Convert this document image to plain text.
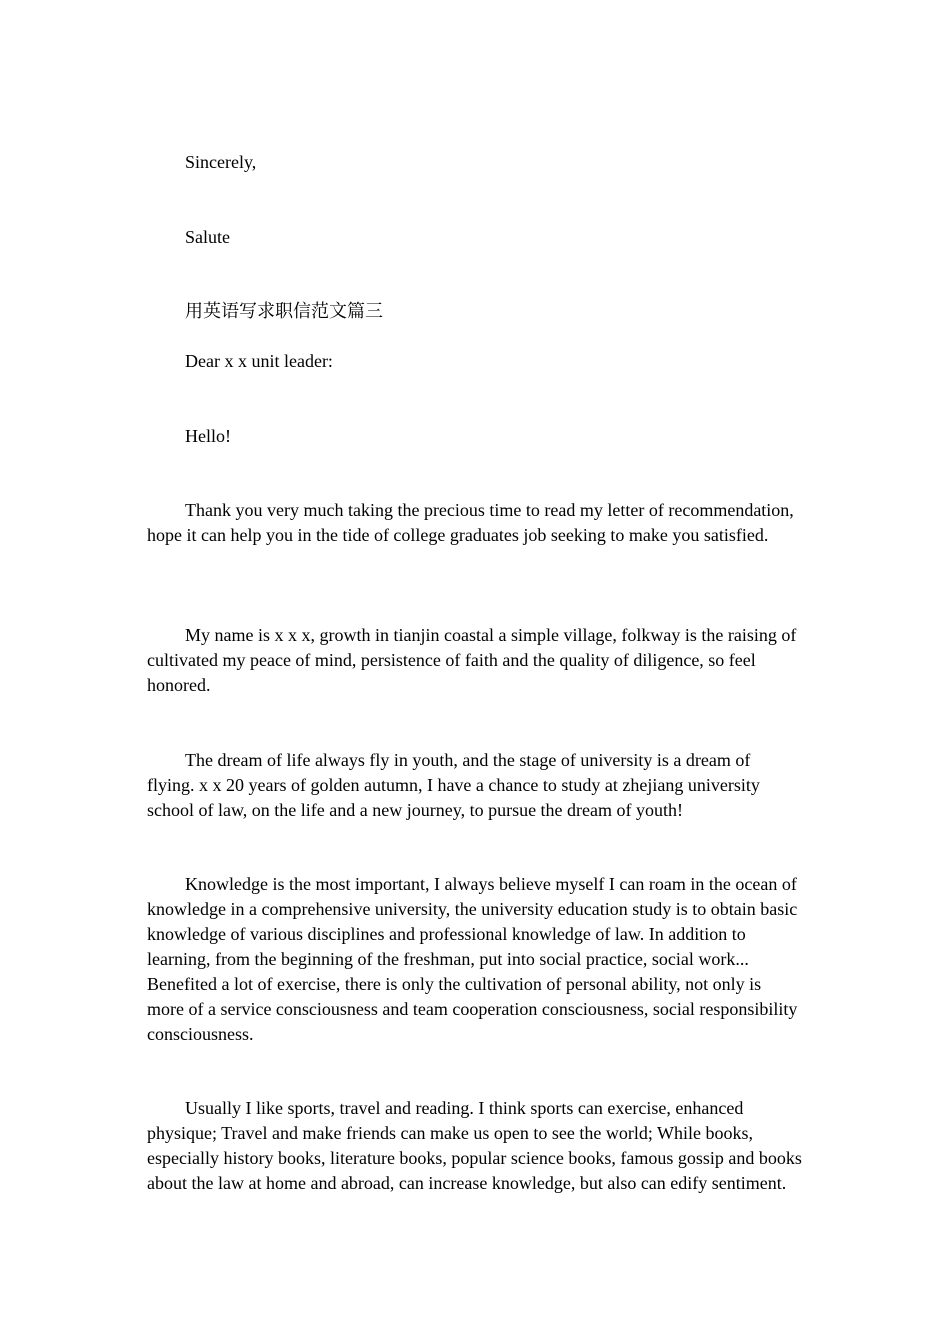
Sincerely,

Salute

用英语写求职信范文篇三

Dear x x unit leader:

Hello!

Thank you very much taking the precious time to read my letter of recommendation, hope it can help you in the tide of college graduates job seeking to make you satisfied.

My name is x x x, growth in tianjin coastal a simple village, folkway is the raising of cultivated my peace of mind, persistence of faith and the quality of diligence, so feel honored.

The dream of life always fly in youth, and the stage of university is a dream of flying. x x 20 years of golden autumn, I have a chance to study at zhejiang university school of law, on the life and a new journey, to pursue the dream of youth!

Knowledge is the most important, I always believe myself I can roam in the ocean of knowledge in a comprehensive university, the university education study is to obtain basic knowledge of various disciplines and professional knowledge of law. In addition to learning, from the beginning of the freshman, put into social practice, social work... Benefited a lot of exercise, there is only the cultivation of personal ability, not only is more of a service consciousness and team cooperation consciousness, social responsibility consciousness.

Usually I like sports, travel and reading. I think sports can exercise, enhanced physique; Travel and make friends can make us open to see the world; While books, especially history books, literature books, popular science books, famous gossip and books about the law at home and abroad, can increase knowledge, but also can edify sentiment.
